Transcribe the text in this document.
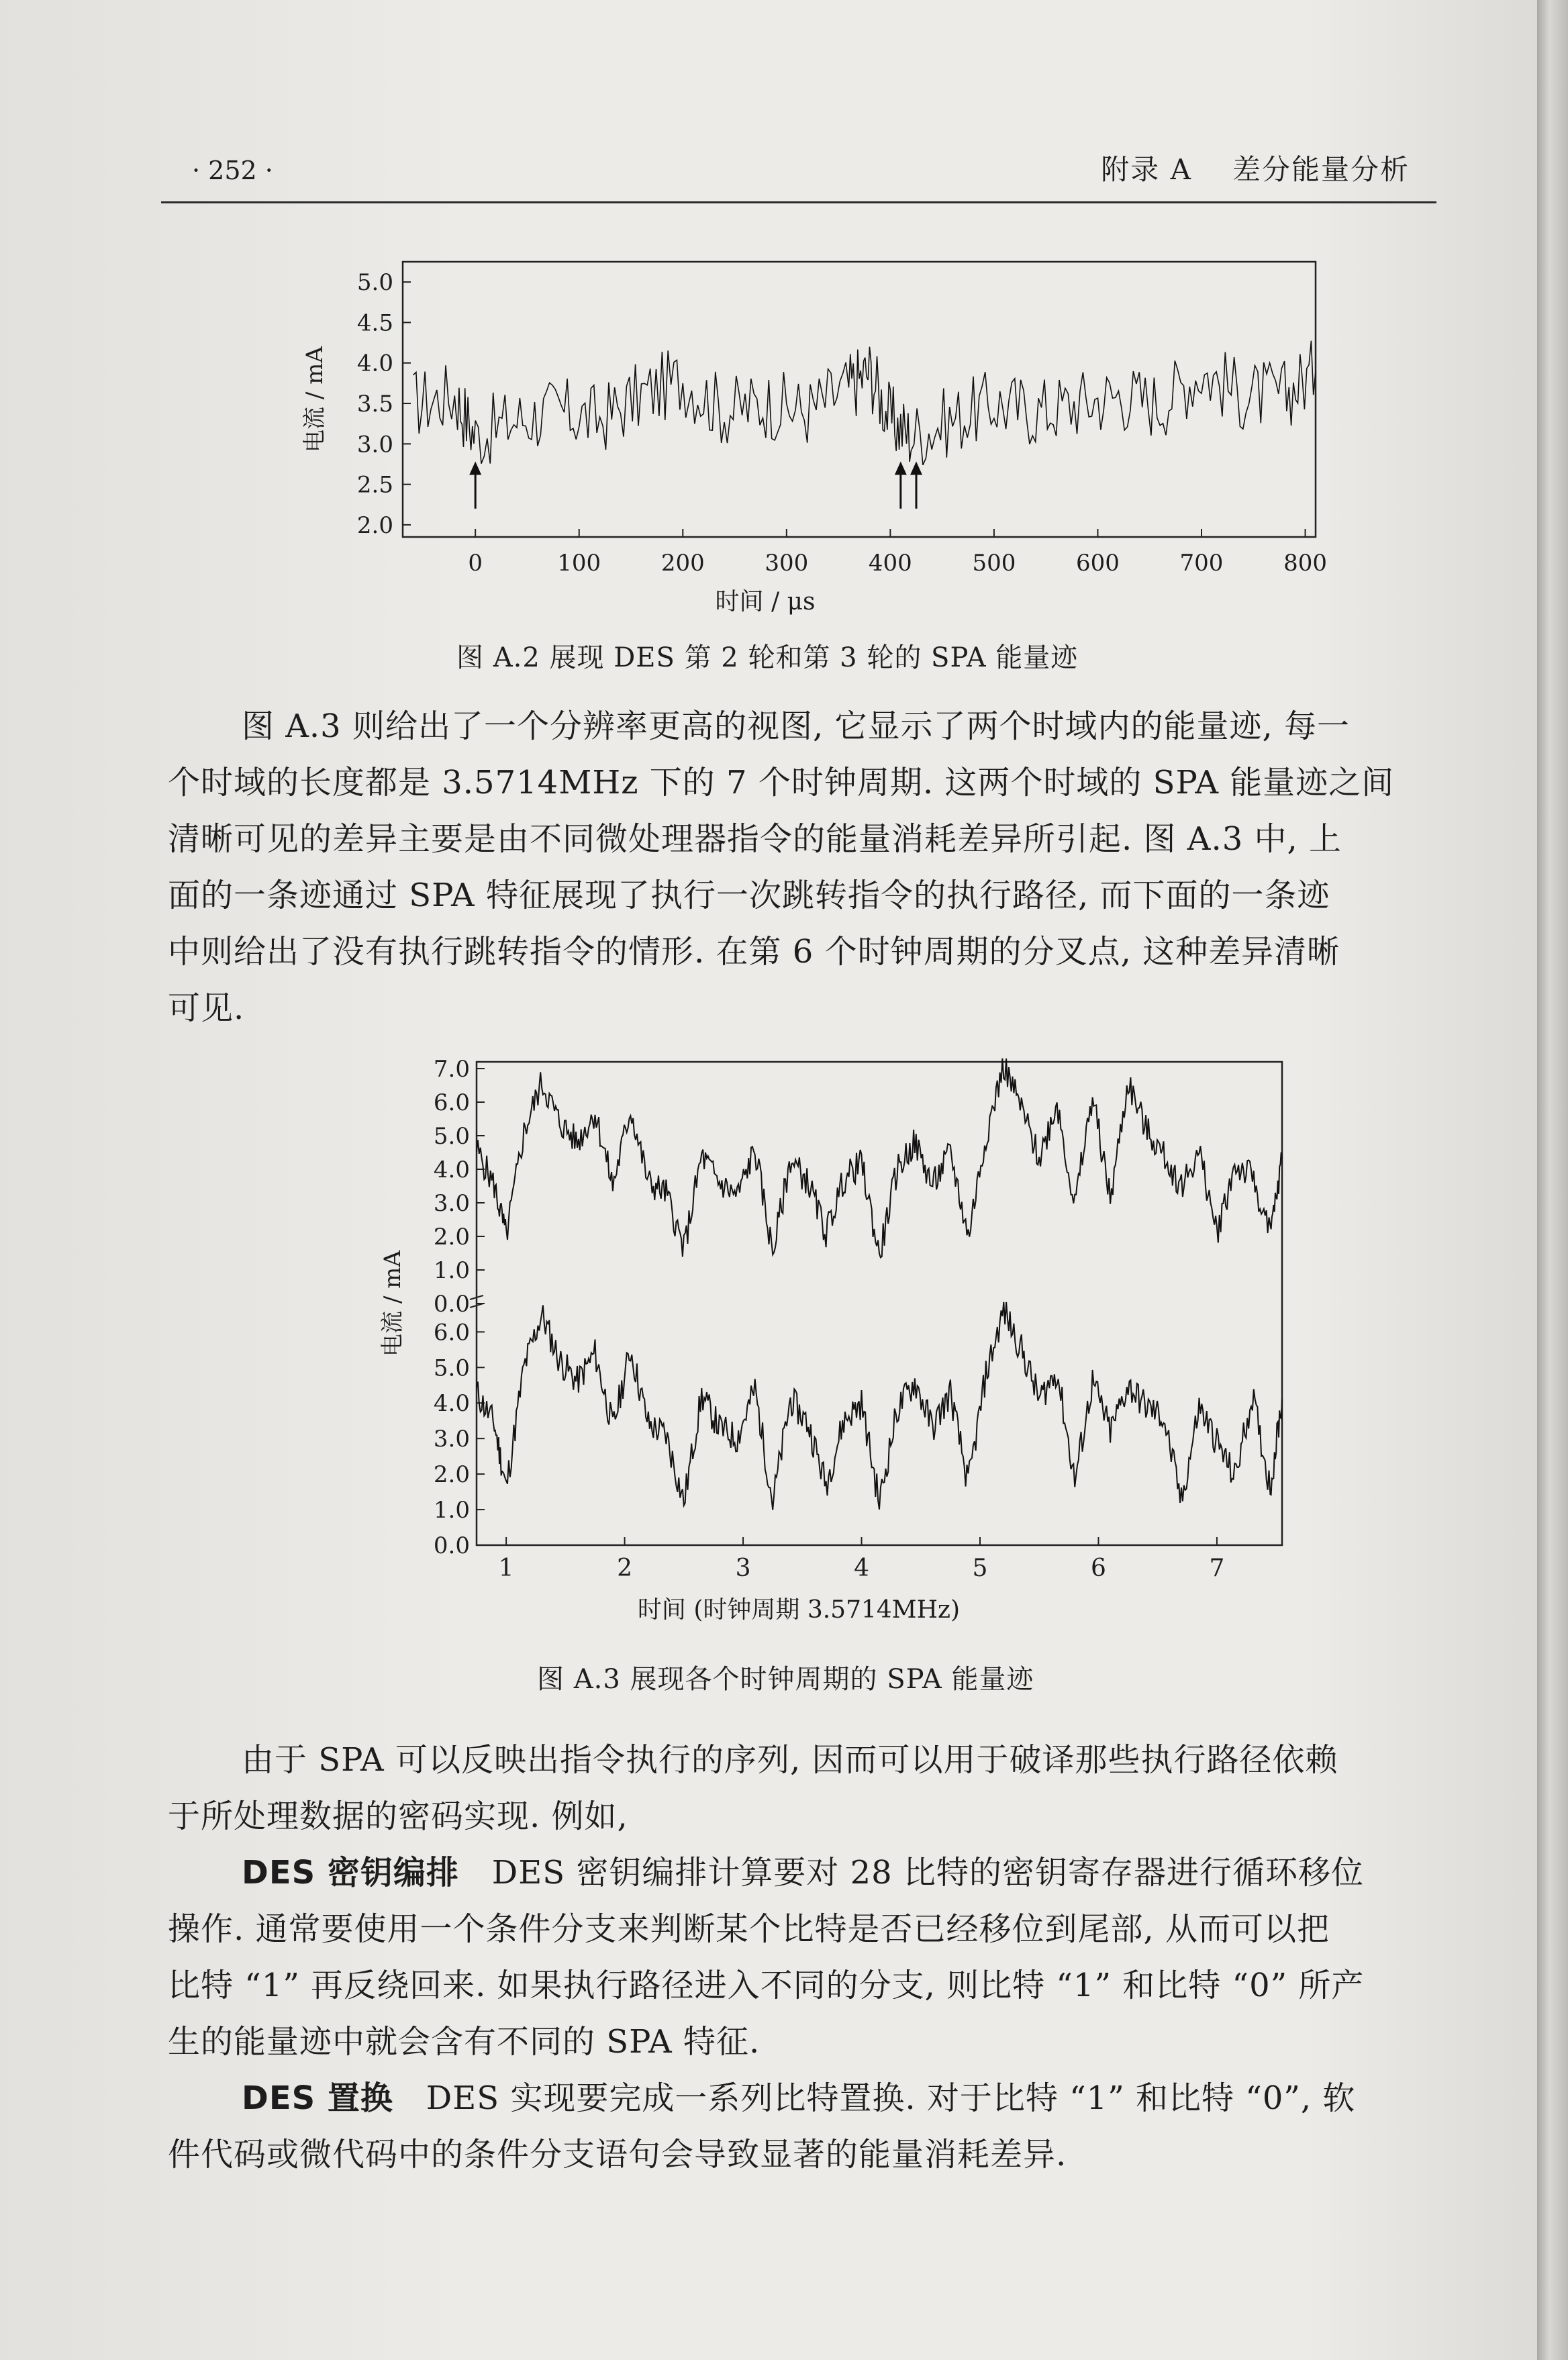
· 252 ·	附录 A 差分能量分析
5.0
4.5
4.0
3.5
3.0
2.5
2.0
0	100	200	300	400	500	600	700	800
电流 / mA
时间 / μs
图 A.2 展现 DES 第 2 轮和第 3 轮的 SPA 能量迹

图 A.3 则给出了一个分辨率更高的视图, 它显示了两个时域内的能量迹, 每一

个时域的长度都是 3.5714MHz 下的 7 个时钟周期. 这两个时域的 SPA 能量迹之间

清晰可见的差异主要是由不同微处理器指令的能量消耗差异所引起. 图 A.3 中, 上

面的一条迹通过 SPA 特征展现了执行一次跳转指令的执行路径, 而下面的一条迹

中则给出了没有执行跳转指令的情形. 在第 6 个时钟周期的分叉点, 这种差异清晰

可见.

7.0
6.0
5.0
4.0
3.0
2.0
1.0
0.0
6.0
5.0
4.0
3.0
2.0
1.0
0.0
1	2	3	4	5	6	7
电流 / mA
时间 (时钟周期 3.5714MHz)
图 A.3 展现各个时钟周期的 SPA 能量迹

由于 SPA 可以反映出指令执行的序列, 因而可以用于破译那些执行路径依赖

于所处理数据的密码实现. 例如,

DES 密钥编排 DES 密钥编排计算要对 28 比特的密钥寄存器进行循环移位

操作. 通常要使用一个条件分支来判断某个比特是否已经移位到尾部, 从而可以把

比特 “1” 再反绕回来. 如果执行路径进入不同的分支, 则比特 “1” 和比特 “0” 所产

生的能量迹中就会含有不同的 SPA 特征.

DES 置换 DES 实现要完成一系列比特置换. 对于比特 “1” 和比特 “0”, 软

件代码或微代码中的条件分支语句会导致显著的能量消耗差异.
